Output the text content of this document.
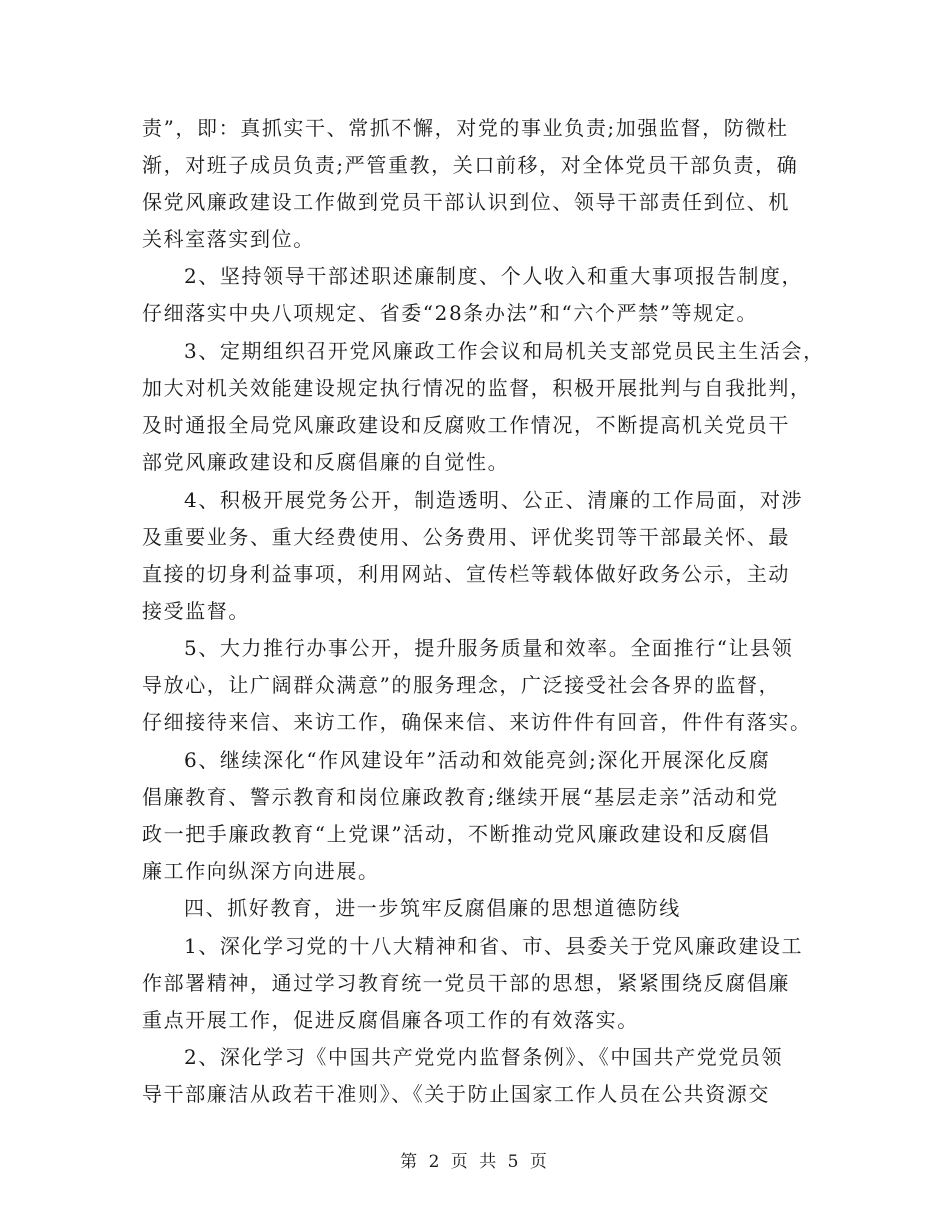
责”，即：真抓实干、常抓不懈，对党的事业负责;加强监督，防微杜
渐，对班子成员负责;严管重教，关口前移，对全体党员干部负责，确
保党风廉政建设工作做到党员干部认识到位、领导干部责任到位、机
关科室落实到位。
2、坚持领导干部述职述廉制度、个人收入和重大事项报告制度，
仔细落实中央八项规定、省委“28条办法”和“六个严禁”等规定。
3、定期组织召开党风廉政工作会议和局机关支部党员民主生活会，
加大对机关效能建设规定执行情况的监督，积极开展批判与自我批判，
及时通报全局党风廉政建设和反腐败工作情况，不断提高机关党员干
部党风廉政建设和反腐倡廉的自觉性。
4、积极开展党务公开，制造透明、公正、清廉的工作局面，对涉
及重要业务、重大经费使用、公务费用、评优奖罚等干部最关怀、最
直接的切身利益事项，利用网站、宣传栏等载体做好政务公示，主动
接受监督。
5、大力推行办事公开，提升服务质量和效率。全面推行“让县领
导放心，让广阔群众满意”的服务理念，广泛接受社会各界的监督，
仔细接待来信、来访工作，确保来信、来访件件有回音，件件有落实。
6、继续深化“作风建设年”活动和效能亮剑;深化开展深化反腐
倡廉教育、警示教育和岗位廉政教育;继续开展“基层走亲”活动和党
政一把手廉政教育“上党课”活动，不断推动党风廉政建设和反腐倡
廉工作向纵深方向进展。
四、抓好教育，进一步筑牢反腐倡廉的思想道德防线
1、深化学习党的十八大精神和省、市、县委关于党风廉政建设工
作部署精神，通过学习教育统一党员干部的思想，紧紧围绕反腐倡廉
重点开展工作，促进反腐倡廉各项工作的有效落实。
2、深化学习《中国共产党党内监督条例》、《中国共产党党员领
导干部廉洁从政若干准则》、《关于防止国家工作人员在公共资源交
第 2 页 共 5 页
